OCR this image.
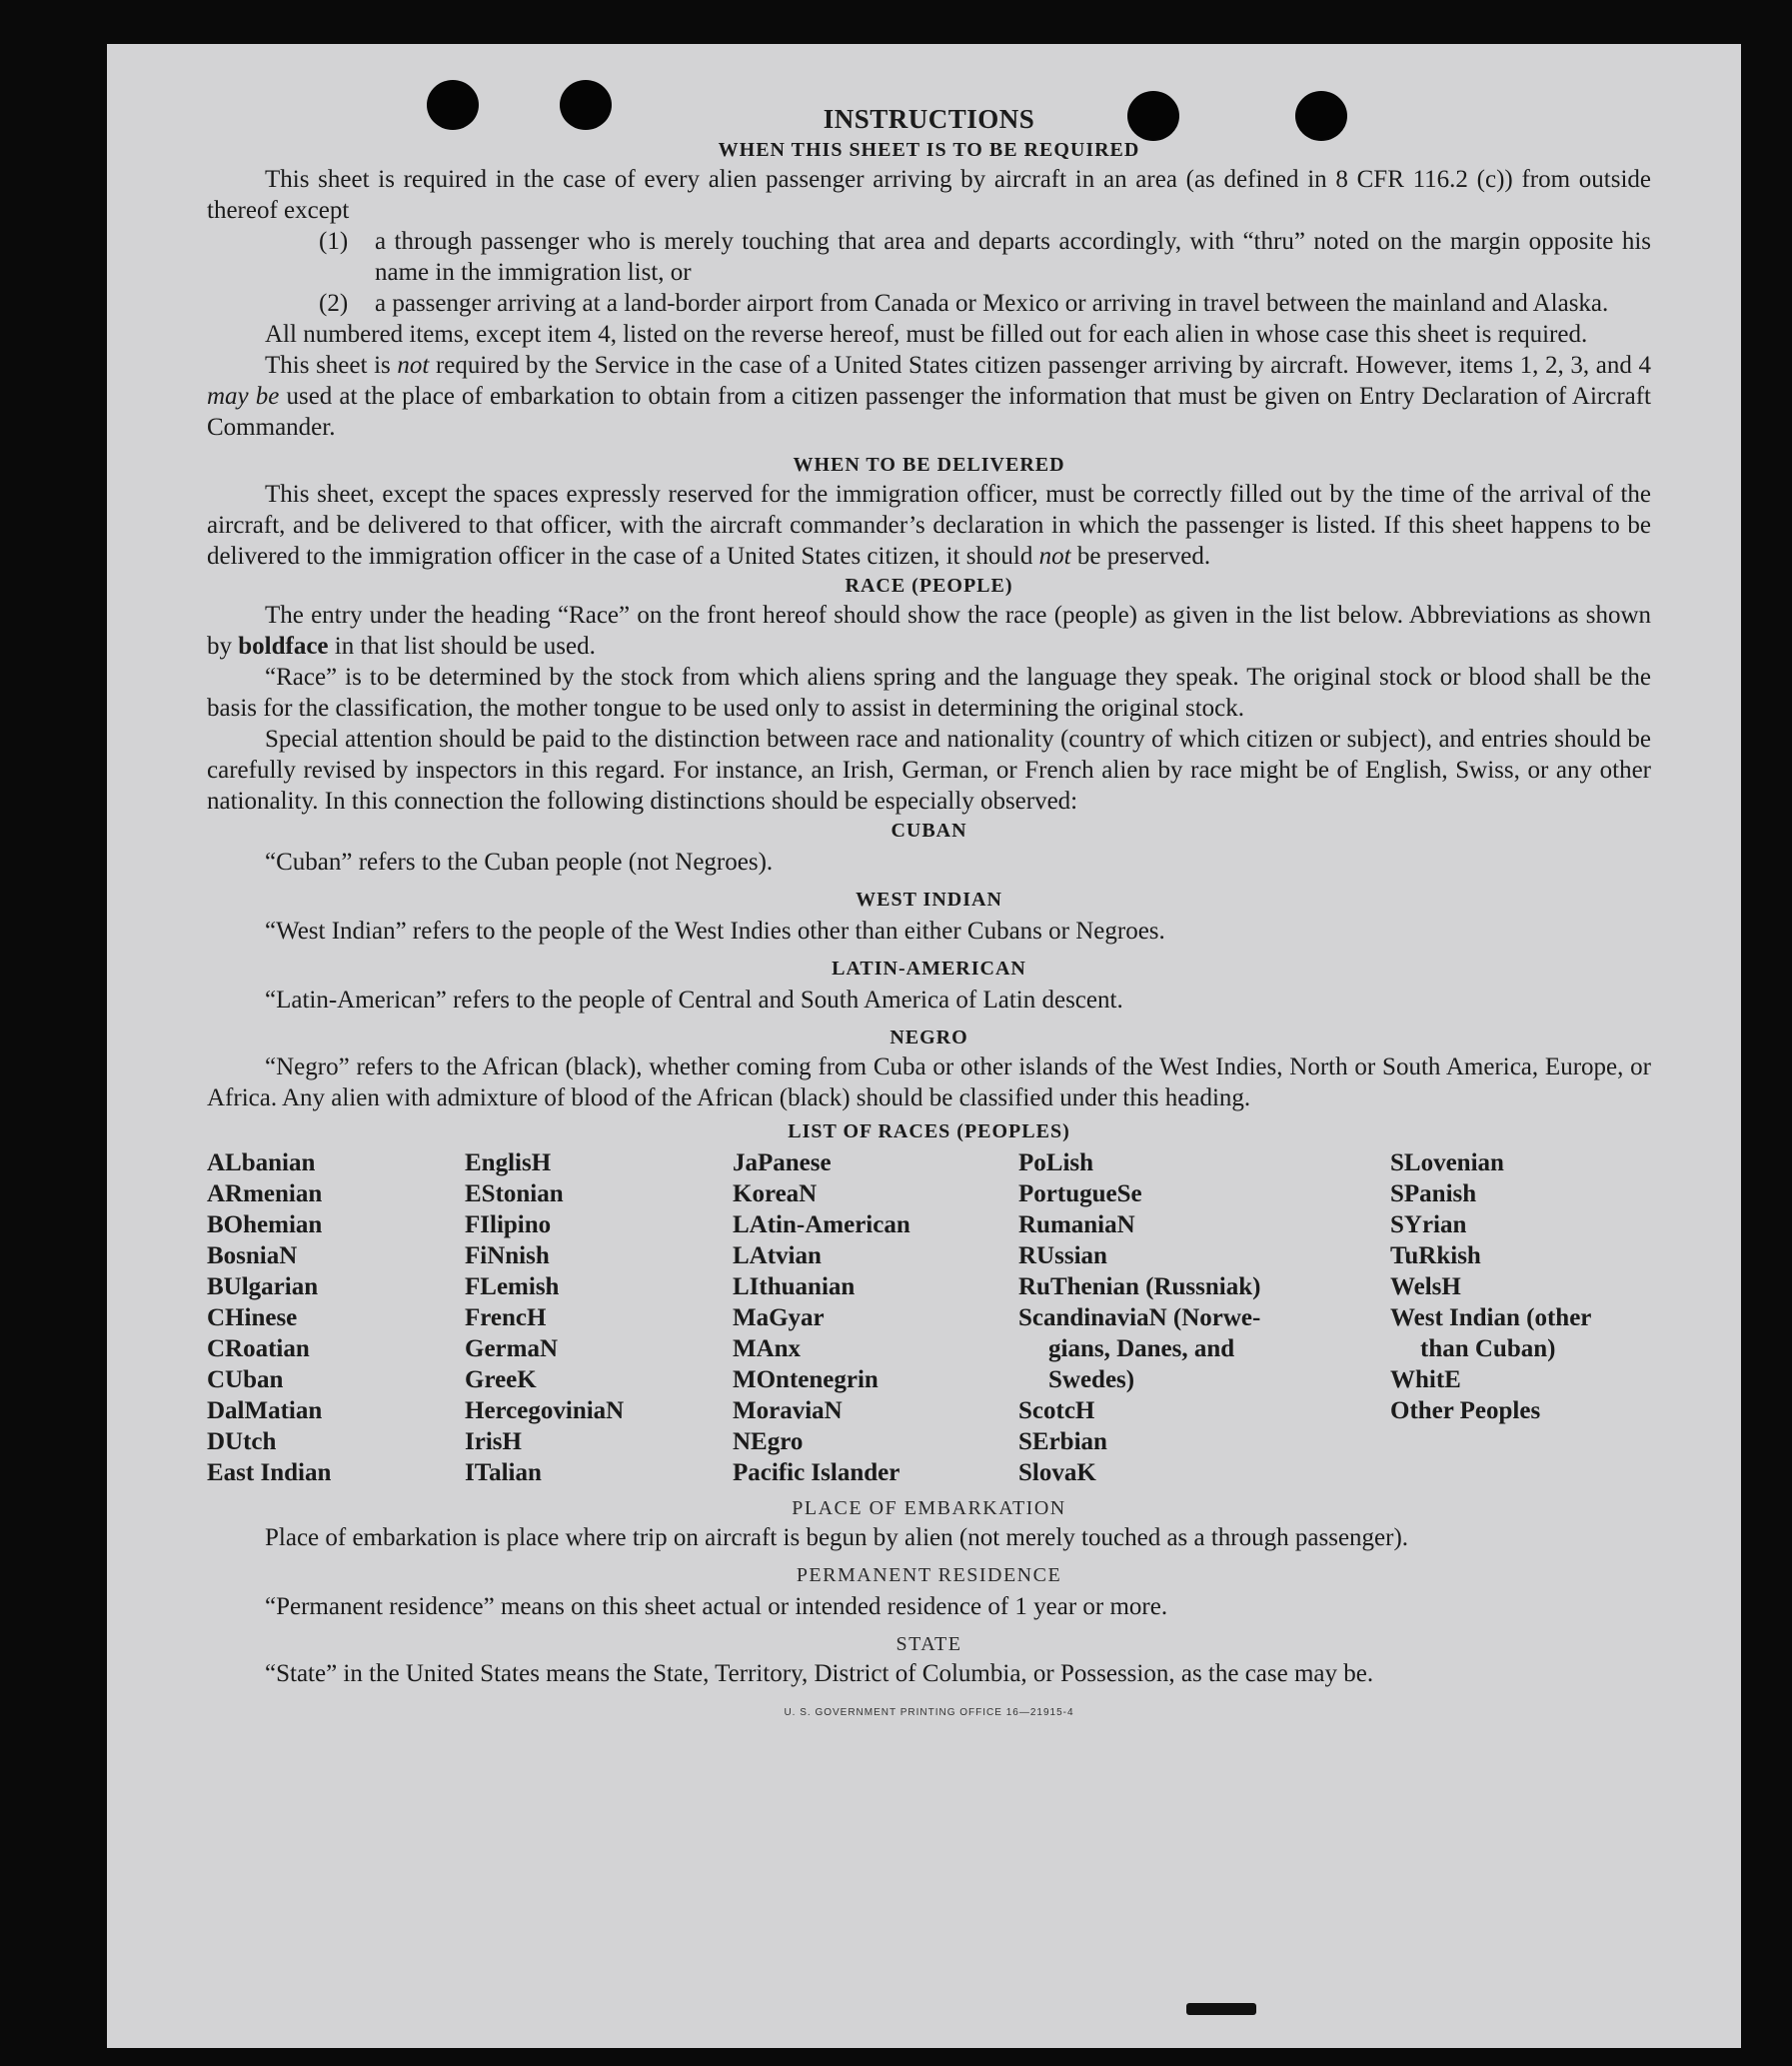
INSTRUCTIONS
WHEN THIS SHEET IS TO BE REQUIRED

This sheet is required in the case of every alien passenger arriving by aircraft in an area (as defined in 8 CFR 116.2 (c)) from outside thereof except

(1)	a through passenger who is merely touching that area and departs accordingly, with “thru” noted on the margin opposite his name in the immigration list, or
(2)	a passenger arriving at a land-border airport from Canada or Mexico or arriving in travel between the mainland and Alaska.

All numbered items, except item 4, listed on the reverse hereof, must be filled out for each alien in whose case this sheet is required.

This sheet is not required by the Service in the case of a United States citizen passenger arriving by aircraft. However, items 1, 2, 3, and 4 may be used at the place of embarkation to obtain from a citizen passenger the information that must be given on Entry Declaration of Aircraft Commander.

WHEN TO BE DELIVERED

This sheet, except the spaces expressly reserved for the immigration officer, must be correctly filled out by the time of the arrival of the aircraft, and be delivered to that officer, with the aircraft commander’s declaration in which the passenger is listed. If this sheet happens to be delivered to the immigration officer in the case of a United States citizen, it should not be preserved.

RACE (PEOPLE)

The entry under the heading “Race” on the front hereof should show the race (people) as given in the list below. Abbreviations as shown by boldface in that list should be used.

“Race” is to be determined by the stock from which aliens spring and the language they speak. The original stock or blood shall be the basis for the classification, the mother tongue to be used only to assist in determining the original stock.

Special attention should be paid to the distinction between race and nationality (country of which citizen or subject), and entries should be carefully revised by inspectors in this regard. For instance, an Irish, German, or French alien by race might be of English, Swiss, or any other nationality. In this connection the following distinctions should be especially observed:

CUBAN
“Cuban” refers to the Cuban people (not Negroes).
WEST INDIAN
“West Indian” refers to the people of the West Indies other than either Cubans or Negroes.
LATIN-AMERICAN
“Latin-American” refers to the people of Central and South America of Latin descent.
NEGRO

“Negro” refers to the African (black), whether coming from Cuba or other islands of the West Indies, North or South America, Europe, or Africa. Any alien with admixture of blood of the African (black) should be classified under this heading.

LIST OF RACES (PEOPLES)
ALbanian
ARmenian
BOhemian
BosniaN
BUlgarian
CHinese
CRoatian
CUban
DalMatian
DUtch
East Indian
EnglisH
EStonian
FIlipino
FiNnish
FLemish
FrencH
GermaN
GreeK
HercegoviniaN
IrisH
ITalian
JaPanese
KoreaN
LAtin-American
LAtvian
LIthuanian
MaGyar
MAnx
MOntenegrin
MoraviaN
NEgro
Pacific Islander
PoLish
PortugueSe
RumaniaN
RUssian
RuThenian (Russniak)
ScandinaviaN (Norwe-
gians, Danes, and
Swedes)
ScotcH
SErbian
SlovaK
SLovenian
SPanish
SYrian
TuRkish
WelsH
West Indian (other
than Cuban)
WhitE
Other Peoples
PLACE OF EMBARKATION

Place of embarkation is place where trip on aircraft is begun by alien (not merely touched as a through passenger).

PERMANENT RESIDENCE
“Permanent residence” means on this sheet actual or intended residence of 1 year or more.
STATE

“State” in the United States means the State, Territory, District of Columbia, or Possession, as the case may be.

U. S. GOVERNMENT PRINTING OFFICE 16—21915-4
